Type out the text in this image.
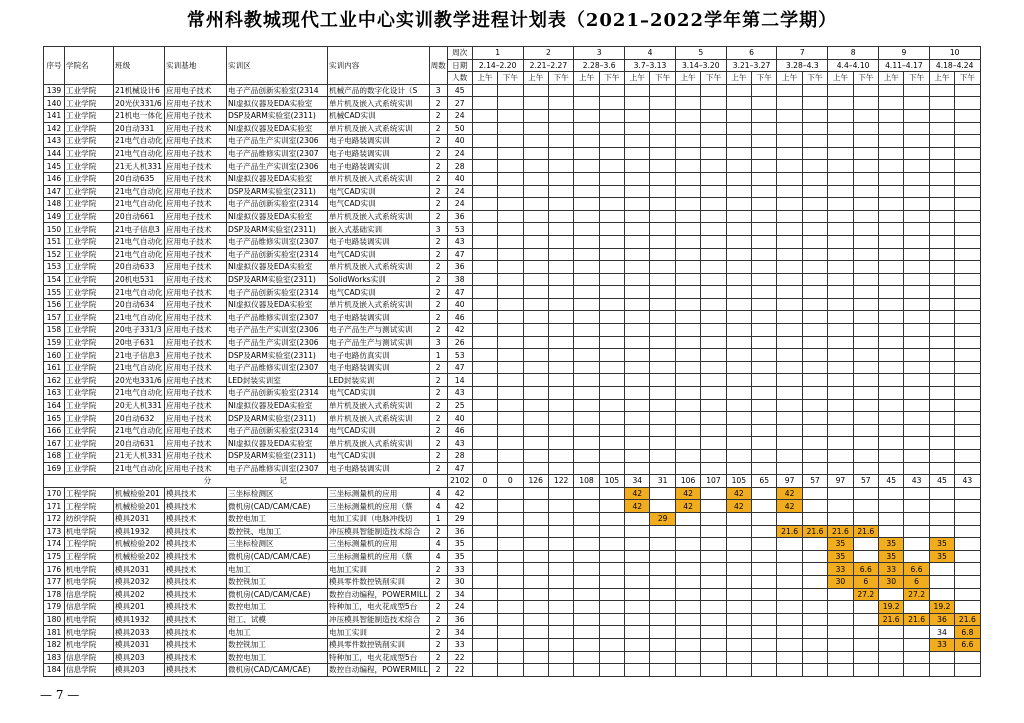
常州科教城现代工业中心实训教学进程计划表（2021–2022学年第二学期）
序号	学院名	班级	实训基地	实训区	实训内容	周数	周次	1		2		3		4		5		6		7		8		9		10	
							日期	2.14–2.20		2.21–2.27		2.28–3.6		3.7–3.13		3.14–3.20		3.21–3.27		3.28–4.3		4.4–4.10		4.11–4.17		4.18–4.24	
							人数	上午	下午	上午	下午	上午	下午	上午	下午	上午	下午	上午	下午	上午	下午	上午	下午	上午	下午	上午	下午
139	工业学院	21机械设计6	应用电子技术	电子产品创新实验室(2314	机械产品的数字化设计（S	3	45																				
140	工业学院	20光伏331/6	应用电子技术	NI虚拟仪器及EDA实验室	单片机及嵌入式系统实训	2	27																				
141	工业学院	21机电一体化	应用电子技术	DSP及ARM实验室(2311)	机械CAD实训	2	24																				
142	工业学院	20自动331	应用电子技术	NI虚拟仪器及EDA实验室	单片机及嵌入式系统实训	2	50																				
143	工业学院	21电气自动化	应用电子技术	电子产品生产实训室(2306	电子电路装调实训	2	40																				
144	工业学院	21电气自动化	应用电子技术	电子产品维修实训室(2307	电子电路装调实训	2	24																				
145	工业学院	21无人机331	应用电子技术	电子产品生产实训室(2306	电子电路装调实训	2	28																				
146	工业学院	20自动635	应用电子技术	NI虚拟仪器及EDA实验室	单片机及嵌入式系统实训	2	40																				
147	工业学院	21电气自动化	应用电子技术	DSP及ARM实验室(2311)	电气CAD实训	2	24																				
148	工业学院	21电气自动化	应用电子技术	电子产品创新实验室(2314	电气CAD实训	2	24																				
149	工业学院	20自动661	应用电子技术	NI虚拟仪器及EDA实验室	单片机及嵌入式系统实训	2	36																				
150	工业学院	21电子信息3	应用电子技术	DSP及ARM实验室(2311)	嵌入式基础实训	3	53																				
151	工业学院	21电气自动化	应用电子技术	电子产品维修实训室(2307	电子电路装调实训	2	43																				
152	工业学院	21电气自动化	应用电子技术	电子产品创新实验室(2314	电气CAD实训	2	47																				
153	工业学院	20自动633	应用电子技术	NI虚拟仪器及EDA实验室	单片机及嵌入式系统实训	2	36																				
154	工业学院	20机电531	应用电子技术	DSP及ARM实验室(2311)	SolidWorks实训	2	38																				
155	工业学院	21电气自动化	应用电子技术	电子产品创新实验室(2314	电气CAD实训	2	47																				
156	工业学院	20自动634	应用电子技术	NI虚拟仪器及EDA实验室	单片机及嵌入式系统实训	2	40																				
157	工业学院	21电气自动化	应用电子技术	电子产品维修实训室(2307	电子电路装调实训	2	46																				
158	工业学院	20电子331/3	应用电子技术	电子产品生产实训室(2306	电子产品生产与测试实训	2	42																				
159	工业学院	20电子631	应用电子技术	电子产品生产实训室(2306	电子产品生产与测试实训	3	26																				
160	工业学院	21电子信息3	应用电子技术	DSP及ARM实验室(2311)	电子电路仿真实训	1	53																				
161	工业学院	21电气自动化	应用电子技术	电子产品维修实训室(2307	电子电路装调实训	2	47																				
162	工业学院	20光电331/6	应用电子技术	LED封装实训室	LED封装实训	2	14																				
163	工业学院	21电气自动化	应用电子技术	电子产品创新实验室(2314	电气CAD实训	2	43																				
164	工业学院	20无人机331	应用电子技术	NI虚拟仪器及EDA实验室	单片机及嵌入式系统实训	2	25																				
165	工业学院	20自动632	应用电子技术	DSP及ARM实验室(2311)	单片机及嵌入式系统实训	2	40																				
166	工业学院	21电气自动化	应用电子技术	电子产品创新实验室(2314	电气CAD实训	2	46																				
167	工业学院	20自动631	应用电子技术	NI虚拟仪器及EDA实验室	单片机及嵌入式系统实训	2	43																				
168	工业学院	21无人机331	应用电子技术	DSP及ARM实验室(2311)	电气CAD实训	2	28																				
169	工业学院	21电气自动化	应用电子技术	电子产品维修实训室(2307	电子电路装调实训	2	47																				
分　　　　　　　　　记							2102	0	0	126	122	108	105	34	31	106	107	105	65	97	57	97	57	45	43	45	43
170	工程学院	机械检验201	模具技术	三坐标检测区	三坐标测量机的应用	4	42							42		42		42		42							
171	工程学院	机械检验201	模具技术	微机房(CAD/CAM/CAE)	三坐标测量机的应用（蔡	4	42							42		42		42		42							
172	纺织学院	模具2031	模具技术	数控电加工	电加工实训（电脉冲线切	1	29								29												
173	机电学院	模具1932	模具技术	数控铣、电加工	冲压模具智能制造技术综合	2	36													21.6	21.6	21.6	21.6				
174	工程学院	机械检验202	模具技术	三坐标检测区	三坐标测量机的应用	4	35															35		35		35	
175	工程学院	机械检验202	模具技术	微机房(CAD/CAM/CAE)	三坐标测量机的应用（蔡	4	35															35		35		35	
176	机电学院	模具2031	模具技术	电加工	电加工实训	2	33															33	6.6	33	6.6		
177	机电学院	模具2032	模具技术	数控铣加工	模具零件数控铣削实训	2	30															30	6	30	6		
178	信息学院	模具202	模具技术	微机房(CAD/CAM/CAE)	数控自动编程，POWERMILL	2	34																27.2		27.2		
179	信息学院	模具201	模具技术	数控电加工	特种加工，电火花成型5台	2	24																	19.2		19.2	
180	机电学院	模具1932	模具技术	钳工、试模	冲压模具智能制造技术综合	2	36																	21.6	21.6	36	21.6
181	机电学院	模具2033	模具技术	电加工	电加工实训	2	34																			34	6.8
182	机电学院	模具2031	模具技术	数控铣加工	模具零件数控铣削实训	2	33																			33	6.6
183	信息学院	模具203	模具技术	数控电加工	特种加工，电火花成型5台	2	22																				
184	信息学院	模具203	模具技术	微机房(CAD/CAM/CAE)	数控自动编程，POWERMILL	2	22																				
— 7 —
